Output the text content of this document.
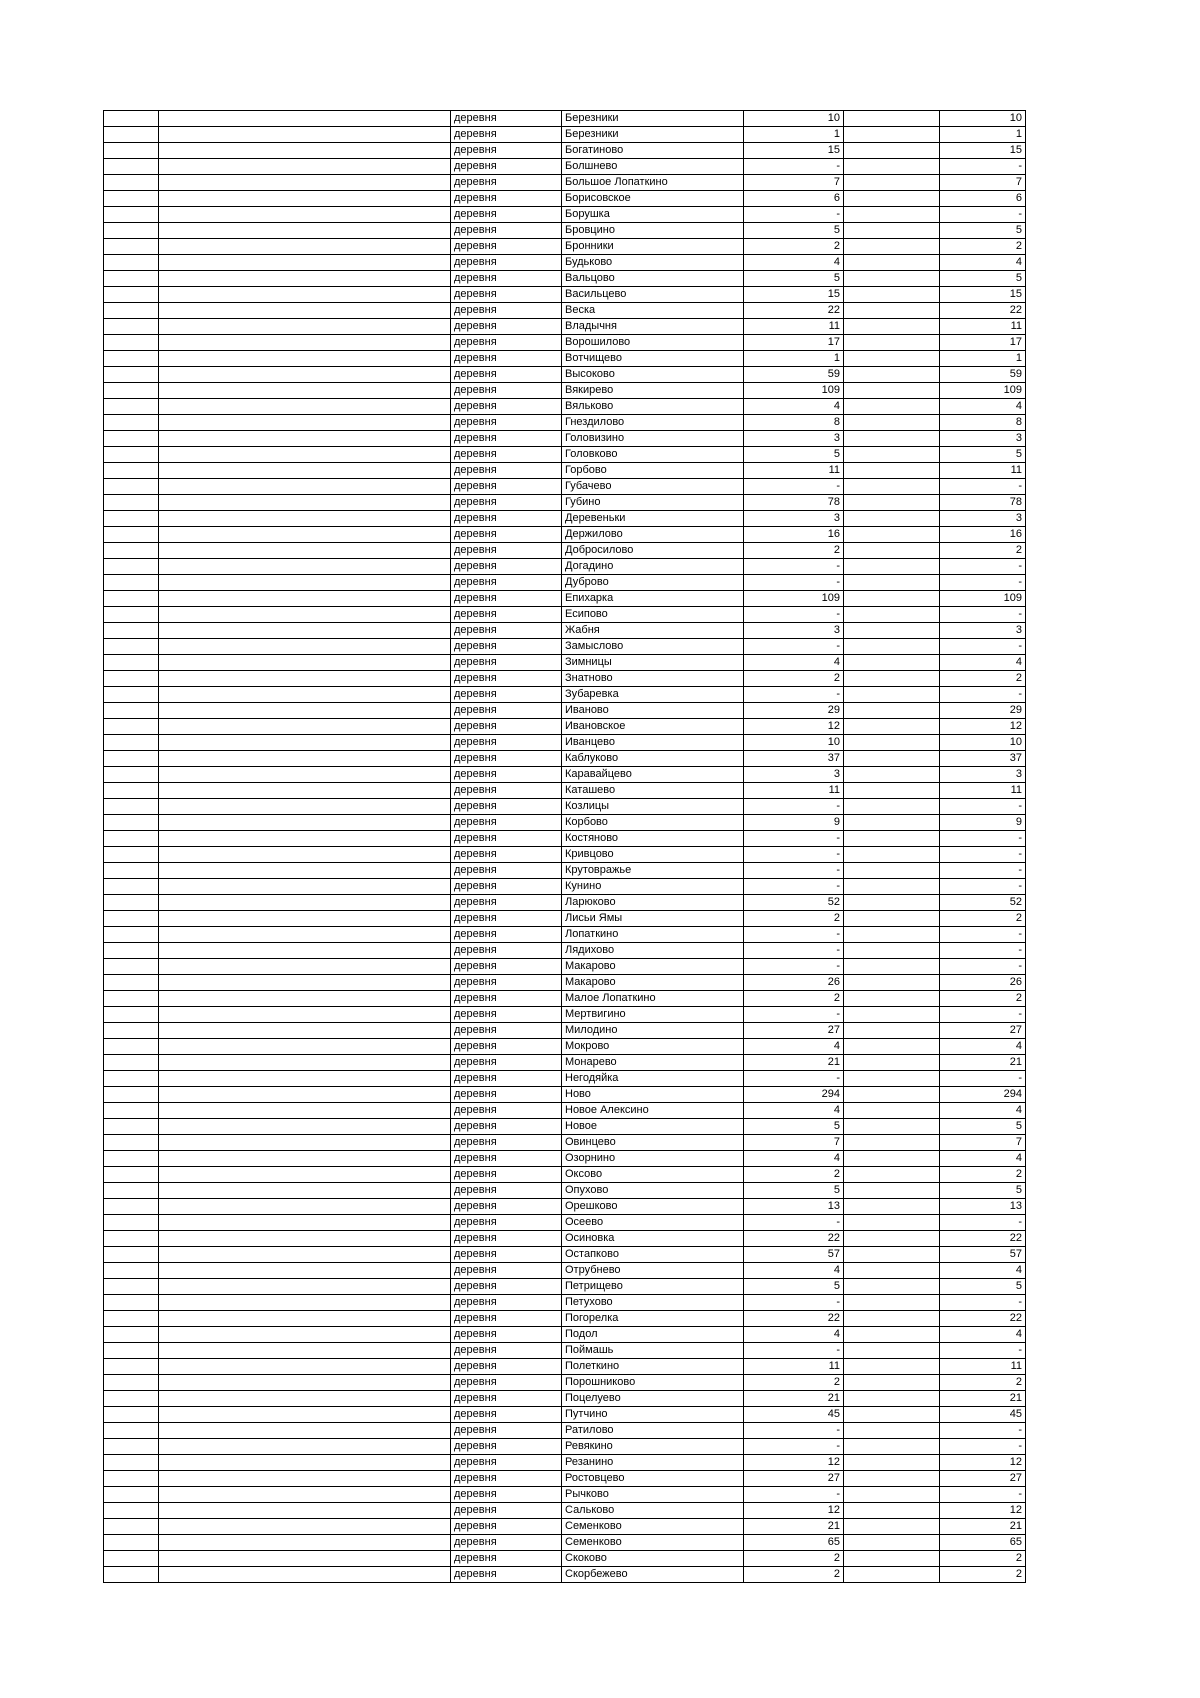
		деревня	Березники	10		10
		деревня	Березники	1		1
		деревня	Богатиново	15		15
		деревня	Болшнево	-		-
		деревня	Большое Лопаткино	7		7
		деревня	Борисовское	6		6
		деревня	Борушка	-		-
		деревня	Бровцино	5		5
		деревня	Бронники	2		2
		деревня	Будьково	4		4
		деревня	Вальцово	5		5
		деревня	Васильцево	15		15
		деревня	Веска	22		22
		деревня	Владычня	11		11
		деревня	Ворошилово	17		17
		деревня	Вотчищево	1		1
		деревня	Высоково	59		59
		деревня	Вякирево	109		109
		деревня	Вяльково	4		4
		деревня	Гнездилово	8		8
		деревня	Головизино	3		3
		деревня	Головково	5		5
		деревня	Горбово	11		11
		деревня	Губачево	-		-
		деревня	Губино	78		78
		деревня	Деревеньки	3		3
		деревня	Держилово	16		16
		деревня	Добросилово	2		2
		деревня	Догадино	-		-
		деревня	Дуброво	-		-
		деревня	Епихарка	109		109
		деревня	Есипово	-		-
		деревня	Жабня	3		3
		деревня	Замыслово	-		-
		деревня	Зимницы	4		4
		деревня	Знатново	2		2
		деревня	Зубаревка	-		-
		деревня	Иваново	29		29
		деревня	Ивановское	12		12
		деревня	Иванцево	10		10
		деревня	Каблуково	37		37
		деревня	Каравайцево	3		3
		деревня	Каташево	11		11
		деревня	Козлицы	-		-
		деревня	Корбово	9		9
		деревня	Костяново	-		-
		деревня	Кривцово	-		-
		деревня	Крутовражье	-		-
		деревня	Кунино	-		-
		деревня	Ларюково	52		52
		деревня	Лисьи Ямы	2		2
		деревня	Лопаткино	-		-
		деревня	Лядихово	-		-
		деревня	Макарово	-		-
		деревня	Макарово	26		26
		деревня	Малое Лопаткино	2		2
		деревня	Мертвигино	-		-
		деревня	Милодино	27		27
		деревня	Мокрово	4		4
		деревня	Монарево	21		21
		деревня	Негодяйка	-		-
		деревня	Ново	294		294
		деревня	Новое Алексино	4		4
		деревня	Новое	5		5
		деревня	Овинцево	7		7
		деревня	Озорнино	4		4
		деревня	Оксово	2		2
		деревня	Опухово	5		5
		деревня	Орешково	13		13
		деревня	Осеево	-		-
		деревня	Осиновка	22		22
		деревня	Остапково	57		57
		деревня	Отрубнево	4		4
		деревня	Петрищево	5		5
		деревня	Петухово	-		-
		деревня	Погорелка	22		22
		деревня	Подол	4		4
		деревня	Поймашь	-		-
		деревня	Полеткино	11		11
		деревня	Порошниково	2		2
		деревня	Поцелуево	21		21
		деревня	Путчино	45		45
		деревня	Ратилово	-		-
		деревня	Ревякино	-		-
		деревня	Резанино	12		12
		деревня	Ростовцево	27		27
		деревня	Рычково	-		-
		деревня	Сальково	12		12
		деревня	Семенково	21		21
		деревня	Семенково	65		65
		деревня	Скоково	2		2
		деревня	Скорбежево	2		2
